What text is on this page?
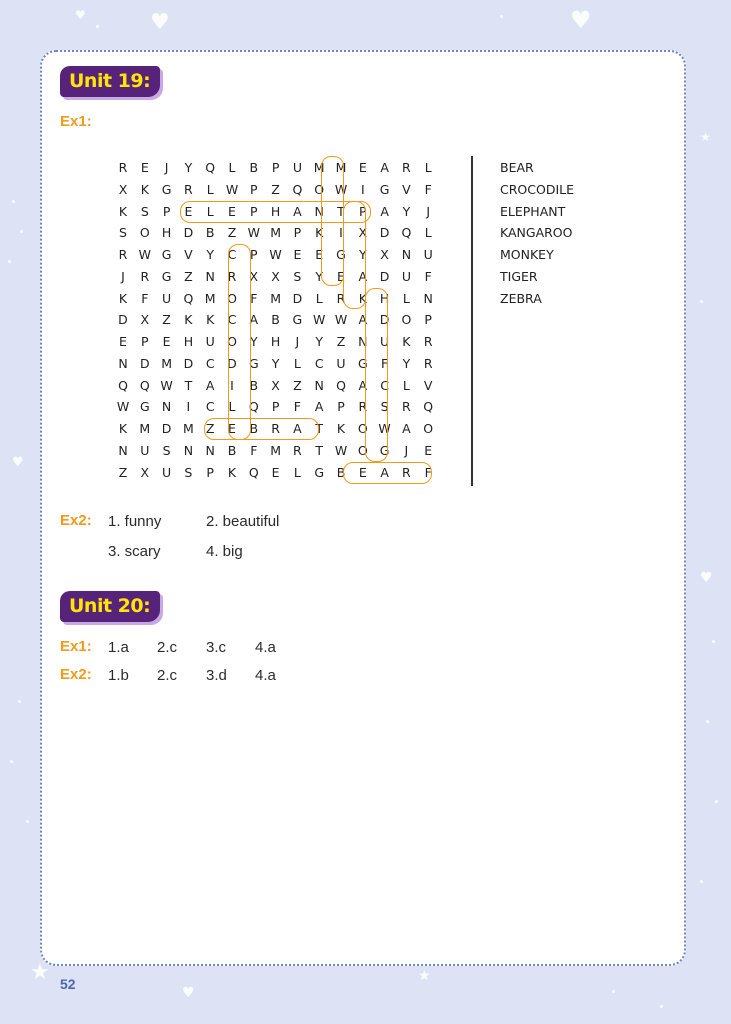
♥	♥
♥
♥
♥
♥
★	★
★
Unit 19:
Ex1:
R	E	J	Y	Q	L	B	P	U M M E	A	R	L
X	K	G	R	L W P	Z	Q O W	I	G	V	F
K	S	P	E	L	E	P	H	A	N	T	P	A	Y	J
S	O H D	B	Z W M	P	K	I	X	D Q	L
R W G	V	Y	C	P W E	E	G	Y	X	N	U
J	R	G	Z	N	R	X	X	S	Y	E	A	D U	F
K	F	U Q M O	F	M D	L	R	K	H	L	N
D	X	Z	K	K	C	A	B	G W W A	D O	P
E	P	E	H	U O	Y	H	J	Y	Z	N	U	K	R
N D M D	C	D G	Y	L	C	U G	F	Y	R
Q Q W T	A	I	B	X	Z	N Q	A	C	L	V
W G N	I	C	L	Q	P	F	A	P	R	S	R	Q
K M D M Z	E	B	R	A	T	K	O W A	O
N	U	S	N N	B	F	M R	T W O G	J	E
Z	X	U	S	P	K	Q	E	L	G	B	E	A	R	F
BEAR
CROCODILE
ELEPHANT
KANGAROO
MONKEY
TIGER
ZEBRA
Ex2: 1. funny	2. beautiful
3. scary	4. big
Unit 20:
Ex1: 1.a 2.c 3.c 4.a
Ex2: 1.b 2.c 3.d 4.a
52
